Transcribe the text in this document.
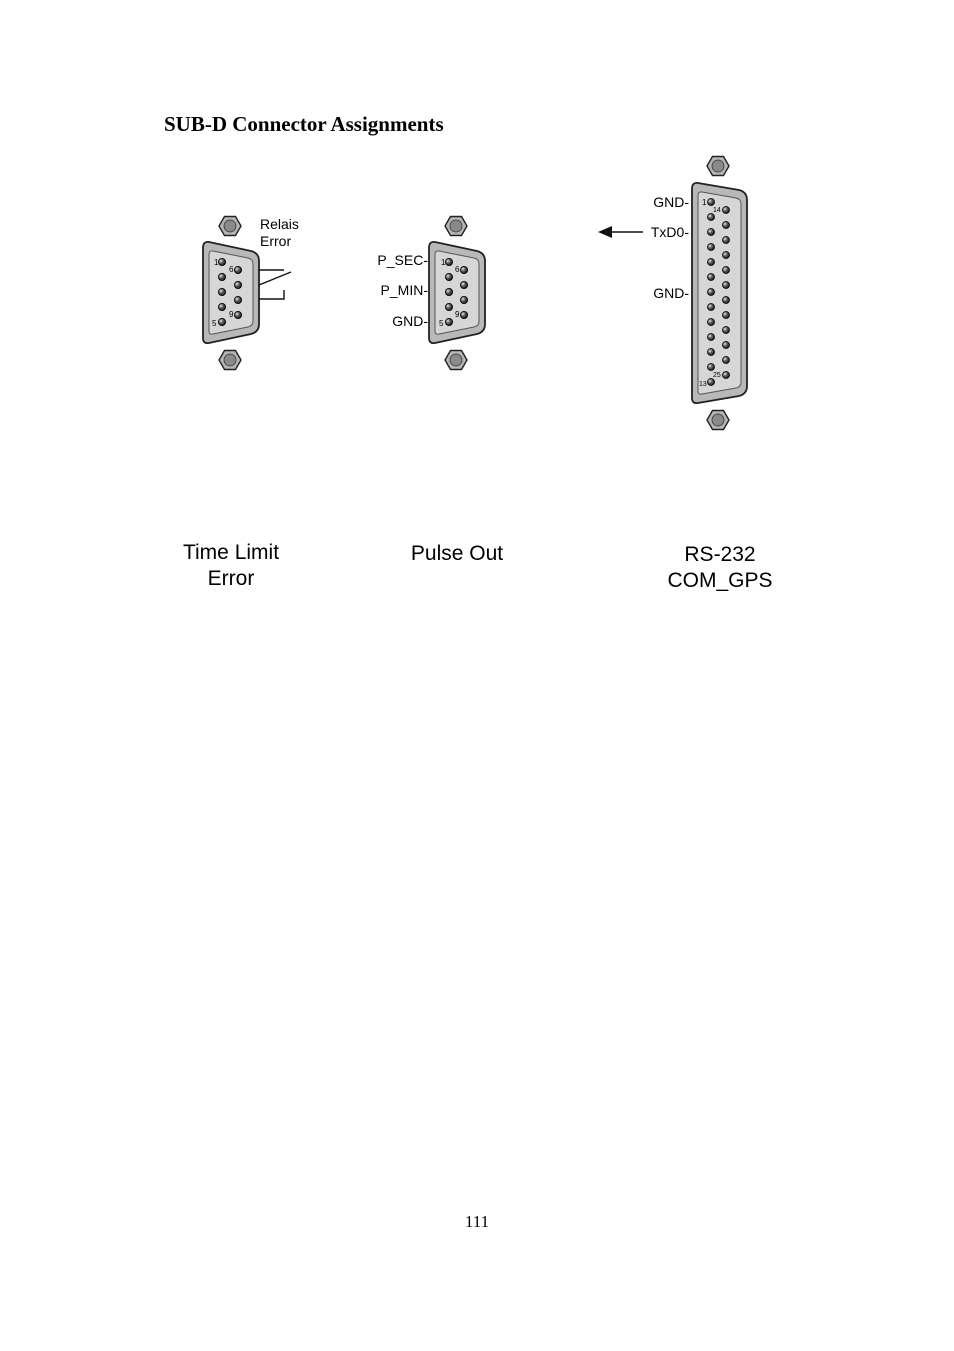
SUB-D Connector Assignments
1
6
9
5
Relais
Error
1
6
9
5
P_SEC-
P_MIN-
GND-
1
14
25
13
GND-
TxD0-
GND-
Time Limit
Error
Pulse Out	RS-232
COM_GPS
111
